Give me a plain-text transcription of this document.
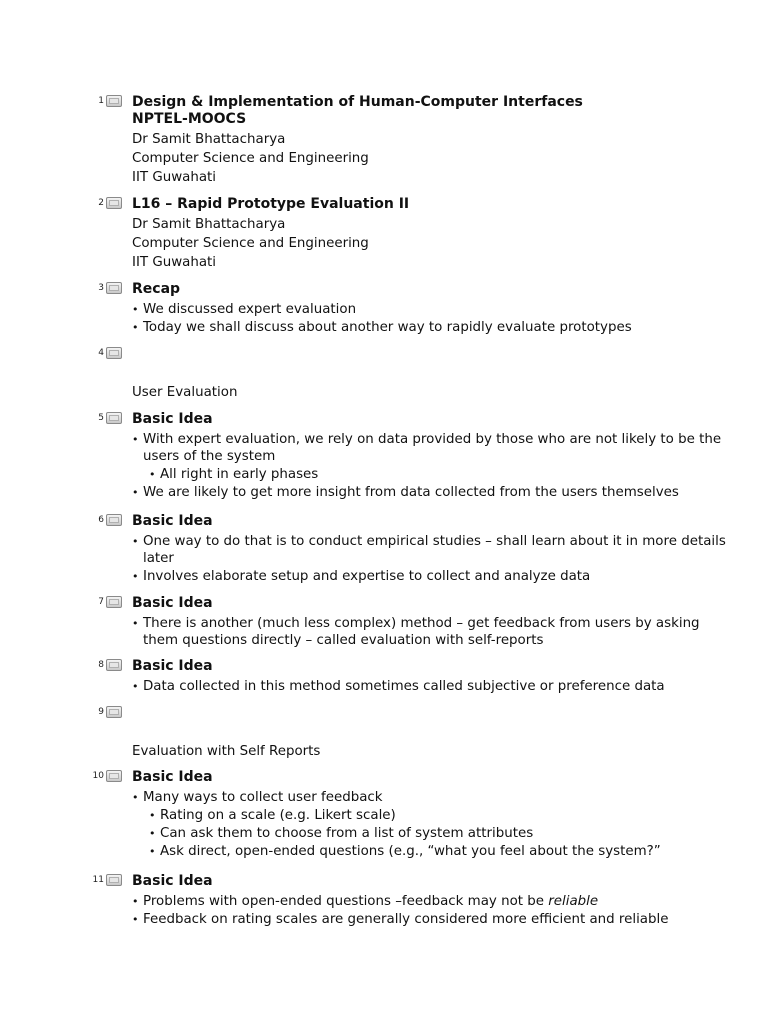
1 Design & Implementation of Human-Computer Interfaces
NPTEL-MOOCS
Dr Samit Bhattacharya
Computer Science and Engineering
IIT Guwahati
2 L16 – Rapid Prototype Evaluation II
Dr Samit Bhattacharya
Computer Science and Engineering
IIT Guwahati
3 Recap
• We discussed expert evaluation
• Today we shall discuss about another way to rapidly evaluate prototypes
4
User Evaluation
5 Basic Idea
• With expert evaluation, we rely on data provided by those who are not likely to be the users of the system
• All right in early phases
• We are likely to get more insight from data collected from the users themselves
6 Basic Idea
• One way to do that is to conduct empirical studies – shall learn about it in more details later
• Involves elaborate setup and expertise to collect and analyze data
7 Basic Idea
• There is another (much less complex) method – get feedback from users by asking them questions directly – called evaluation with self-reports
8 Basic Idea
• Data collected in this method sometimes called subjective or preference data
9
Evaluation with Self Reports
10 Basic Idea
• Many ways to collect user feedback
• Rating on a scale (e.g. Likert scale)
• Can ask them to choose from a list of system attributes
• Ask direct, open-ended questions (e.g., “what you feel about the system?”
11 Basic Idea
• Problems with open-ended questions –feedback may not be reliable
• Feedback on rating scales are generally considered more efficient and reliable
